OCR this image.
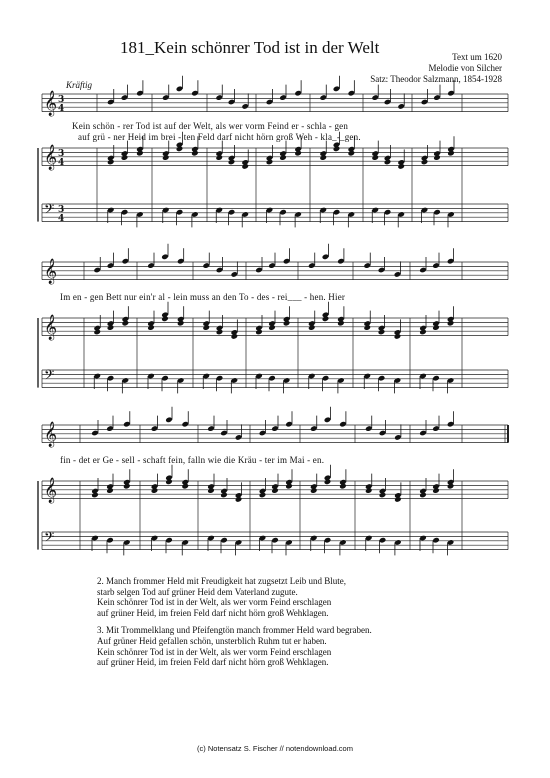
181_Kein schönrer Tod ist in der Welt	Text um 1620
Melodie von Silcher
Satz: Theodor Salzmann, 1854-1928
Kräftig
𝄞
𝄞
𝄢
3
3
3
4
4
4
𝄞
𝄞
𝄢
𝄞
𝄞
𝄢
Kein schön - rer Tod ist auf der Welt, als wer vorm Feind er - schla - gen
auf grü - ner Heid im brei - ten Feld darf nicht hörn groß Weh - kla_-_gen.
Im en - gen Bett nur ein'r al - lein muss an den To - des - rei___ - hen. Hier
fin - det er Ge - sell - schaft fein, falln wie die Kräu - ter im Mai - en.

2. Manch frommer Held mit Freudigkeit hat zugsetzt Leib und Blute,
starb selgen Tod auf grüner Heid dem Vaterland zugute.
Kein schönrer Tod ist in der Welt, als wer vorm Feind erschlagen
auf grüner Heid, im freien Feld darf nicht hörn groß Wehklagen.

3. Mit Trommelklang und Pfeifengtön manch frommer Held ward begraben.
Auf grüner Heid gefallen schön, unsterblich Ruhm tut er haben.
Kein schönrer Tod ist in der Welt, als wer vorm Feind erschlagen
auf grüner Heid, im freien Feld darf nicht hörn groß Wehklagen.

(c) Notensatz S. Fischer // notendownload.com
